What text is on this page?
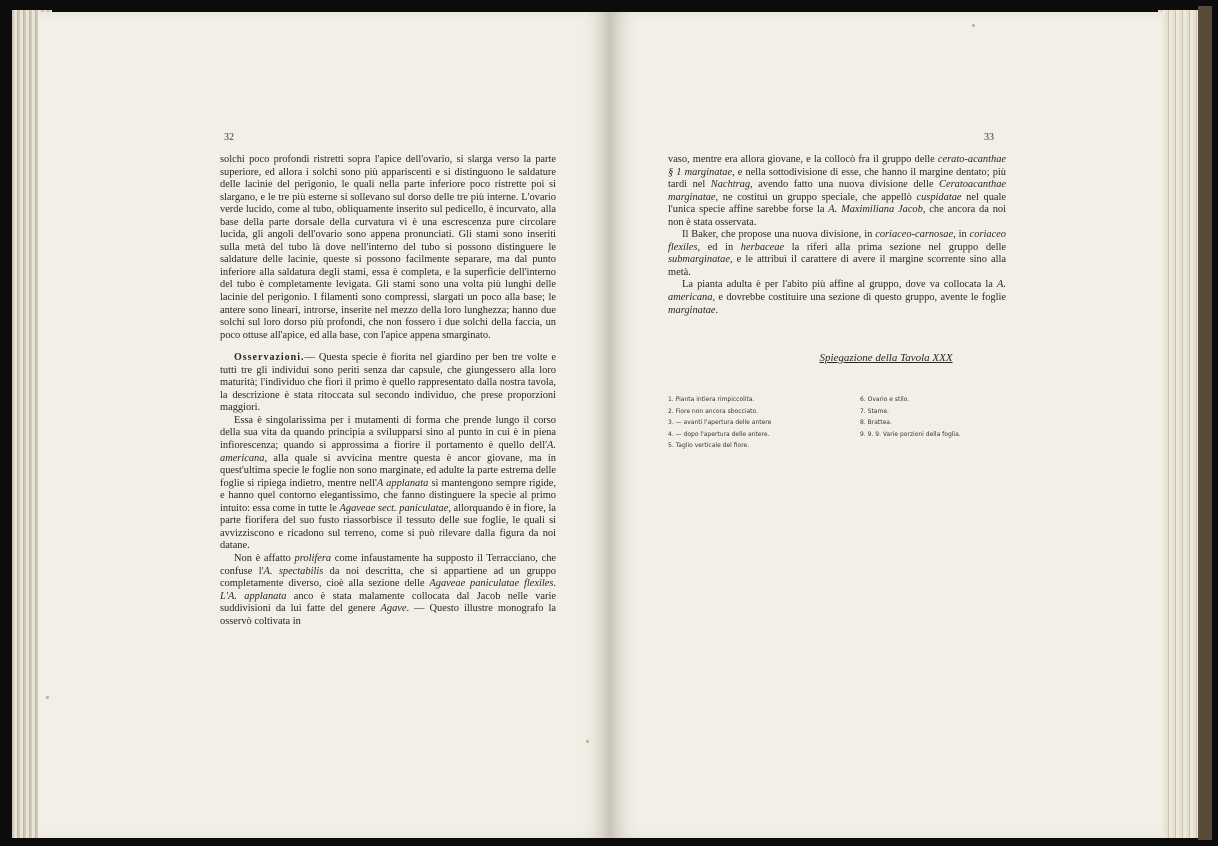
32

solchi poco profondi ristretti sopra l'apice dell'ovario, si slarga verso la parte superiore, ed allora i solchi sono più appariscenti e si distinguono le saldature delle lacinie del perigonio, le quali nella parte inferiore poco ristrette poi si slargano, e le tre più esterne si sollevano sul dorso delle tre più interne. L'ovario verde lucido, come al tubo, obliquamente inserito sul pedicello, è incurvato, alla base della parte dorsale della curvatura vi è una escrescenza pure circolare lucida, gli angoli dell'ovario sono appena pronunciati. Gli stami sono inseriti sulla metà del tubo là dove nell'interno del tubo si possono distinguere le saldature delle lacinie, queste si possono facilmente separare, ma dal punto inferiore alla saldatura degli stami, essa è completa, e la superficie dell'interno del tubo è completamente levigata. Gli stami sono una volta più lunghi delle lacinie del perigonio. I filamenti sono compressi, slargati un poco alla base; le antere sono lineari, introrse, inserite nel mezzo della loro lunghezza; hanno due solchi sul loro dorso più profondi, che non fossero i due solchi della faccia, un poco ottuse all'apice, ed alla base, con l'apice appena smarginato.

Osservazioni.— Questa specie è fiorita nel giardino per ben tre volte e tutti tre gli individui sono periti senza dar capsule, che giungessero alla loro maturità; l'individuo che fiorì il primo è quello rappresentato dalla nostra tavola, la descrizione è stata ritoccata sul secondo individuo, che prese proporzioni maggiori.

Essa è singolarissima per i mutamenti di forma che prende lungo il corso della sua vita da quando principia a svilupparsi sino al punto in cui è in piena infiorescenza; quando si approssima a fiorire il portamento è quello dell'A. americana, alla quale si avvicina mentre questa è ancor giovane, ma in quest'ultima specie le foglie non sono marginate, ed adulte la parte estrema delle foglie si ripiega indietro, mentre nell'A applanata si mantengono sempre rigide, e hanno quel contorno elegantissimo, che fanno distinguere la specie al primo intuito: essa come in tutte le Agaveae sect. paniculatae, allorquando è in fiore, la parte fiorifera del suo fusto riassorbisce il tessuto delle sue foglie, le quali si avvizziscono e ricadono sul terreno, come si può rilevare dalla figura da noi datane.

Non è affatto prolifera come infaustamente ha supposto il Terracciano, che confuse l'A. spectabilis da noi descritta, che si appartiene ad un gruppo completamente diverso, cioè alla sezione delle Agaveae paniculatae flexiles. L'A. applanata anco è stata malamente collocata dal Jacob nelle varie suddivisioni da lui fatte del genere Agave. — Questo illustre monografo la osservò coltivata in

33

vaso, mentre era allora giovane, e la collocò fra il gruppo delle cerato-acanthae § 1 marginatae, e nella sottodivisione di esse, che hanno il margine dentato; più tardi nel Nachtrag, avendo fatto una nuova divisione delle Ceratoacanthae marginatae, ne costituì un gruppo speciale, che appellò cuspidatae nel quale l'unica specie affine sarebbe forse la A. Maximiliana Jacob, che ancora da noi non è stata osservata.

Il Baker, che propose una nuova divisione, in coriaceo-carnosae, in coriaceo flexiles, ed in herbaceae la riferì alla prima sezione nel gruppo delle submarginatae, e le attribuì il carattere di avere il margine scorrente sino alla metà.

La pianta adulta è per l'abito più affine al gruppo, dove va collocata la A. americana, e dovrebbe costituire una sezione di questo gruppo, avente le foglie marginatae.

Spiegazione della Tavola XXX
1. Pianta intiera rimpiccolita.
2. Fiore non ancora sbocciato.
3. — avanti l'apertura delle antere
4. — dopo l'apertura delle antere.
5. Taglio verticale del fiore.
6. Ovario e stilo.
7. Stame.
8. Brattea.
9. 9. 9. Varie porzioni della foglia.
